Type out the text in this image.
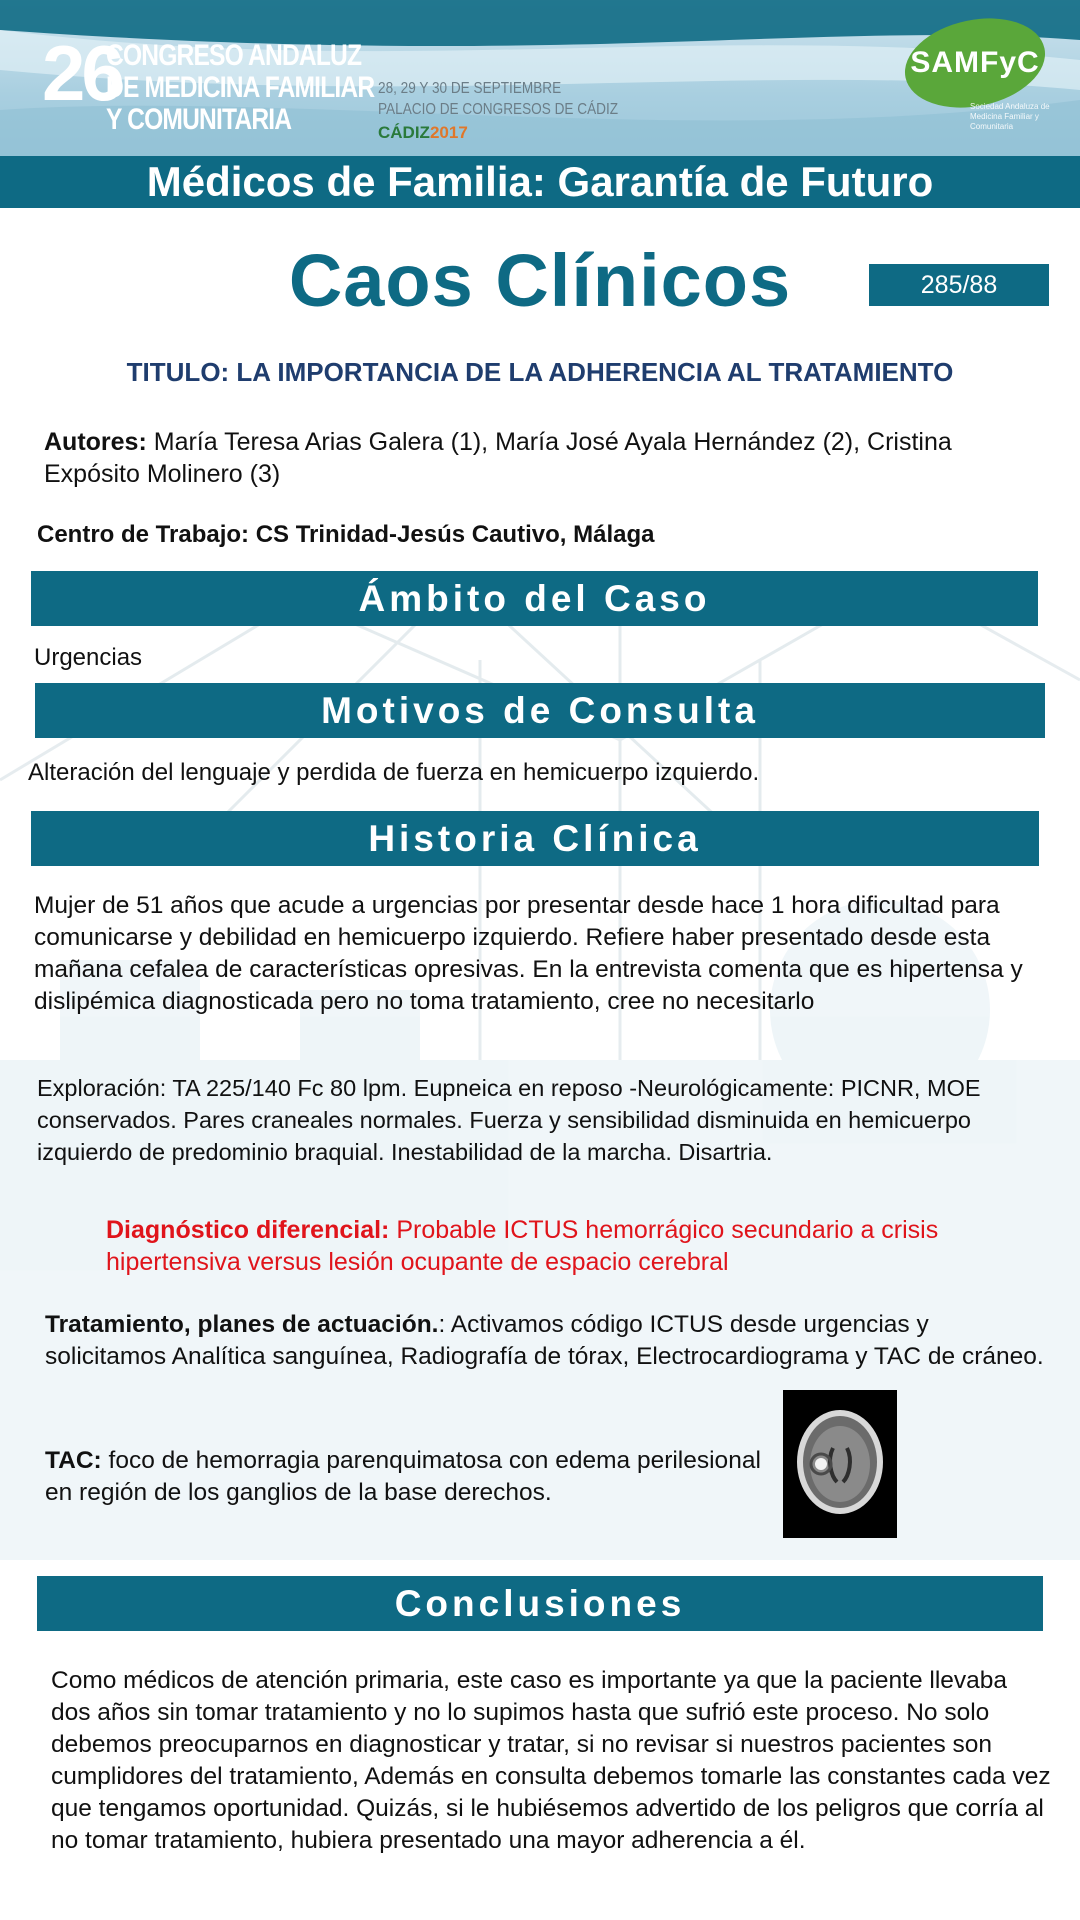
26
CONGRESO ANDALUZ
DE MEDICINA FAMILIAR
Y COMUNITARIA
28, 29 Y 30 DE SEPTIEMBRE
PALACIO DE CONGRESOS DE CÁDIZ
CÁDIZ2017
SAMFyC
Sociedad Andaluza de Medicina Familiar y Comunitaria
Médicos de Familia: Garantía de Futuro
Caos Clínicos	285/88
TITULO: LA IMPORTANCIA DE LA ADHERENCIA AL TRATAMIENTO
Autores: María Teresa Arias Galera (1), María José Ayala Hernández (2), Cristina Expósito Molinero (3)
Centro de Trabajo: CS Trinidad-Jesús Cautivo, Málaga
Ámbito del Caso
Urgencias
Motivos de Consulta
Alteración del lenguaje y perdida de fuerza en hemicuerpo izquierdo.
Historia Clínica
Mujer de 51 años que acude a urgencias por presentar desde hace 1 hora dificultad para comunicarse y debilidad en hemicuerpo izquierdo. Refiere haber presentado desde esta mañana cefalea de características opresivas. En la entrevista comenta que es hipertensa y dislipémica diagnosticada pero no toma tratamiento, cree no necesitarlo
Exploración: TA 225/140 Fc 80 lpm. Eupneica en reposo -Neurológicamente: PICNR, MOE conservados. Pares craneales normales. Fuerza y sensibilidad disminuida en hemicuerpo izquierdo de predominio braquial. Inestabilidad de la marcha. Disartria.
Diagnóstico diferencial: Probable ICTUS hemorrágico secundario a crisis hipertensiva versus lesión ocupante de espacio cerebral
Tratamiento, planes de actuación.: Activamos código ICTUS desde urgencias y solicitamos Analítica sanguínea, Radiografía de tórax, Electrocardiograma y TAC de cráneo.
TAC: foco de hemorragia parenquimatosa con edema perilesional en región de los ganglios de la base derechos.
Conclusiones
Como médicos de atención primaria, este caso es importante ya que la paciente llevaba dos años sin tomar tratamiento y no lo supimos hasta que sufrió este proceso. No solo debemos preocuparnos en diagnosticar y tratar, si no revisar si nuestros pacientes son cumplidores del tratamiento, Además en consulta debemos tomarle las constantes cada vez que tengamos oportunidad. Quizás, si le hubiésemos advertido de los peligros que corría al no tomar tratamiento, hubiera presentado una mayor adherencia a él.
